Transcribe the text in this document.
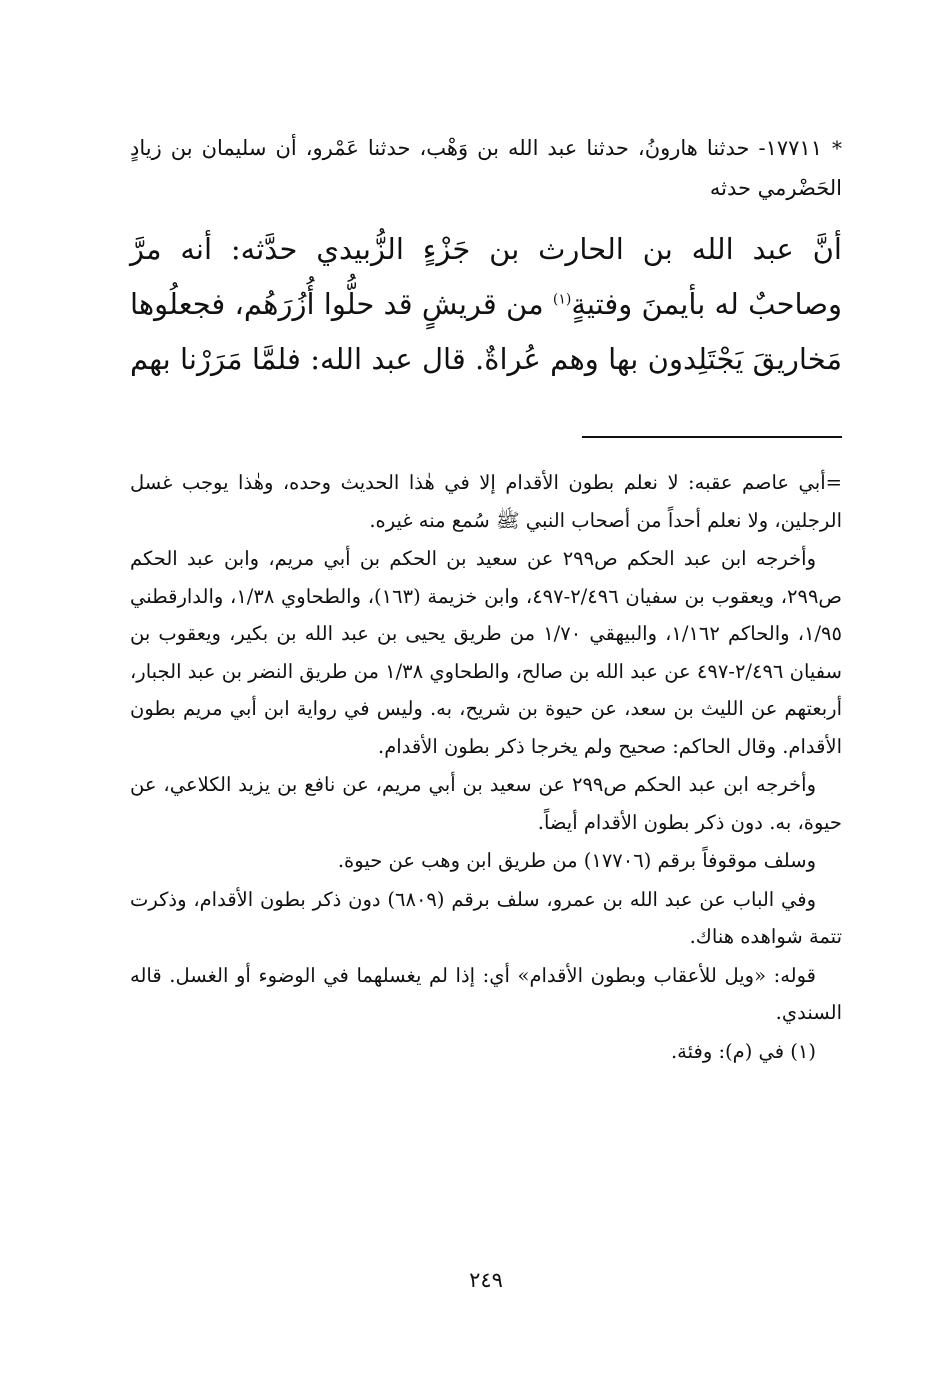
*١٧٧١١- حدثنا هارونُ، حدثنا عبد الله بن وَهْب، حدثنا عَمْرو، أن سليمان بن زيادٍ الحَضْرمي حدثه
أنَّ عبد الله بن الحارث بن جَزْءٍ الزُّبيدي حدَّثه: أنه مرَّ وصاحبٌ له بأيمنَ وفتيةٍ$^{(١)}$ من قريشٍ قد حلُّوا أُزُرَهُم، فجعلُوها مَخاريقَ يَجْتَلِدون بها وهم عُراةٌ. قال عبد الله: فلمَّا مَرَرْنا بهم

=أبي عاصم عقبه: لا نعلم بطون الأقدام إلا في هٰذا الحديث وحده، وهٰذا يوجب غسل الرجلين، ولا نعلم أحداً من أصحاب النبي ﷺ سُمع منه غيره.

وأخرجه ابن عبد الحكم ص٢٩٩ عن سعيد بن الحكم بن أبي مريم، وابن عبد الحكم ص٢٩٩، ويعقوب بن سفيان ٢/٤٩٦-٤٩٧، وابن خزيمة (١٦٣)، والطحاوي ١/٣٨، والدارقطني ١/٩٥، والحاكم ١/١٦٢، والبيهقي ١/٧٠ من طريق يحيى بن عبد الله بن بكير، ويعقوب بن سفيان ٢/٤٩٦-٤٩٧ عن عبد الله بن صالح، والطحاوي ١/٣٨ من طريق النضر بن عبد الجبار، أربعتهم عن الليث بن سعد، عن حيوة بن شريح، به. وليس في رواية ابن أبي مريم بطون الأقدام. وقال الحاكم: صحيح ولم يخرجا ذكر بطون الأقدام.

وأخرجه ابن عبد الحكم ص٢٩٩ عن سعيد بن أبي مريم، عن نافع بن يزيد الكلاعي، عن حيوة، به. دون ذكر بطون الأقدام أيضاً.

وسلف موقوفاً برقم (١٧٧٠٦) من طريق ابن وهب عن حيوة.

وفي الباب عن عبد الله بن عمرو، سلف برقم (٦٨٠٩) دون ذكر بطون الأقدام، وذكرت تتمة شواهده هناك.

قوله: «ويل للأعقاب وبطون الأقدام» أي: إذا لم يغسلهما في الوضوء أو الغسل. قاله السندي.

(١) في (م): وفئة.

٢٤٩
